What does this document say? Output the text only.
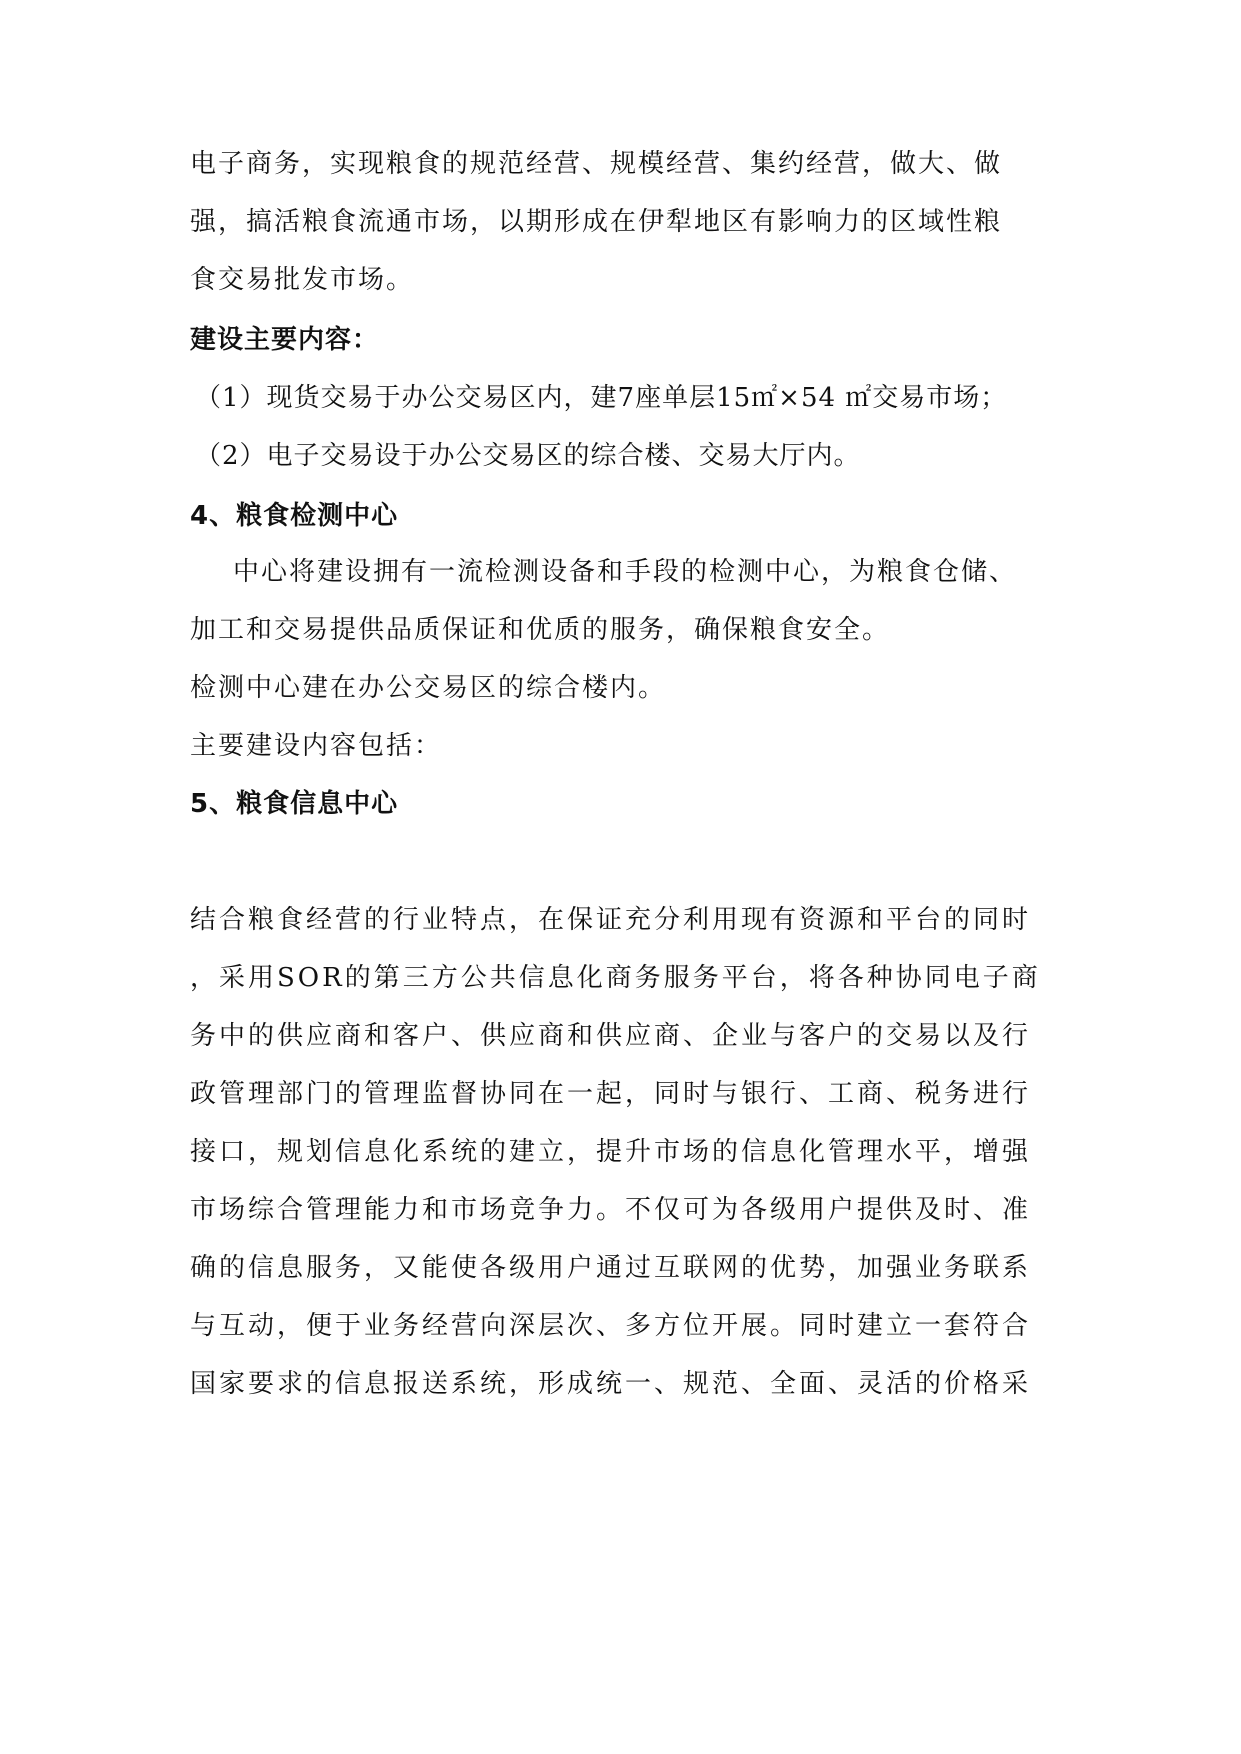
电子商务，实现粮食的规范经营、规模经营、集约经营，做大、做
强，搞活粮食流通市场，以期形成在伊犁地区有影响力的区域性粮
食交易批发市场。
建设主要内容：
（1）现货交易于办公交易区内，建7座单层15㎡×54 ㎡交易市场；
（2）电子交易设于办公交易区的综合楼、交易大厅内。
4、粮食检测中心
中心将建设拥有一流检测设备和手段的检测中心，为粮食仓储、
加工和交易提供品质保证和优质的服务，确保粮食安全。
检测中心建在办公交易区的综合楼内。
主要建设内容包括：
5、粮食信息中心
结合粮食经营的行业特点，在保证充分利用现有资源和平台的同时
，采用SOR的第三方公共信息化商务服务平台，将各种协同电子商
务中的供应商和客户、供应商和供应商、企业与客户的交易以及行
政管理部门的管理监督协同在一起，同时与银行、工商、税务进行
接口，规划信息化系统的建立，提升市场的信息化管理水平，增强
市场综合管理能力和市场竞争力。不仅可为各级用户提供及时、准
确的信息服务，又能使各级用户通过互联网的优势，加强业务联系
与互动，便于业务经营向深层次、多方位开展。同时建立一套符合
国家要求的信息报送系统，形成统一、规范、全面、灵活的价格采
